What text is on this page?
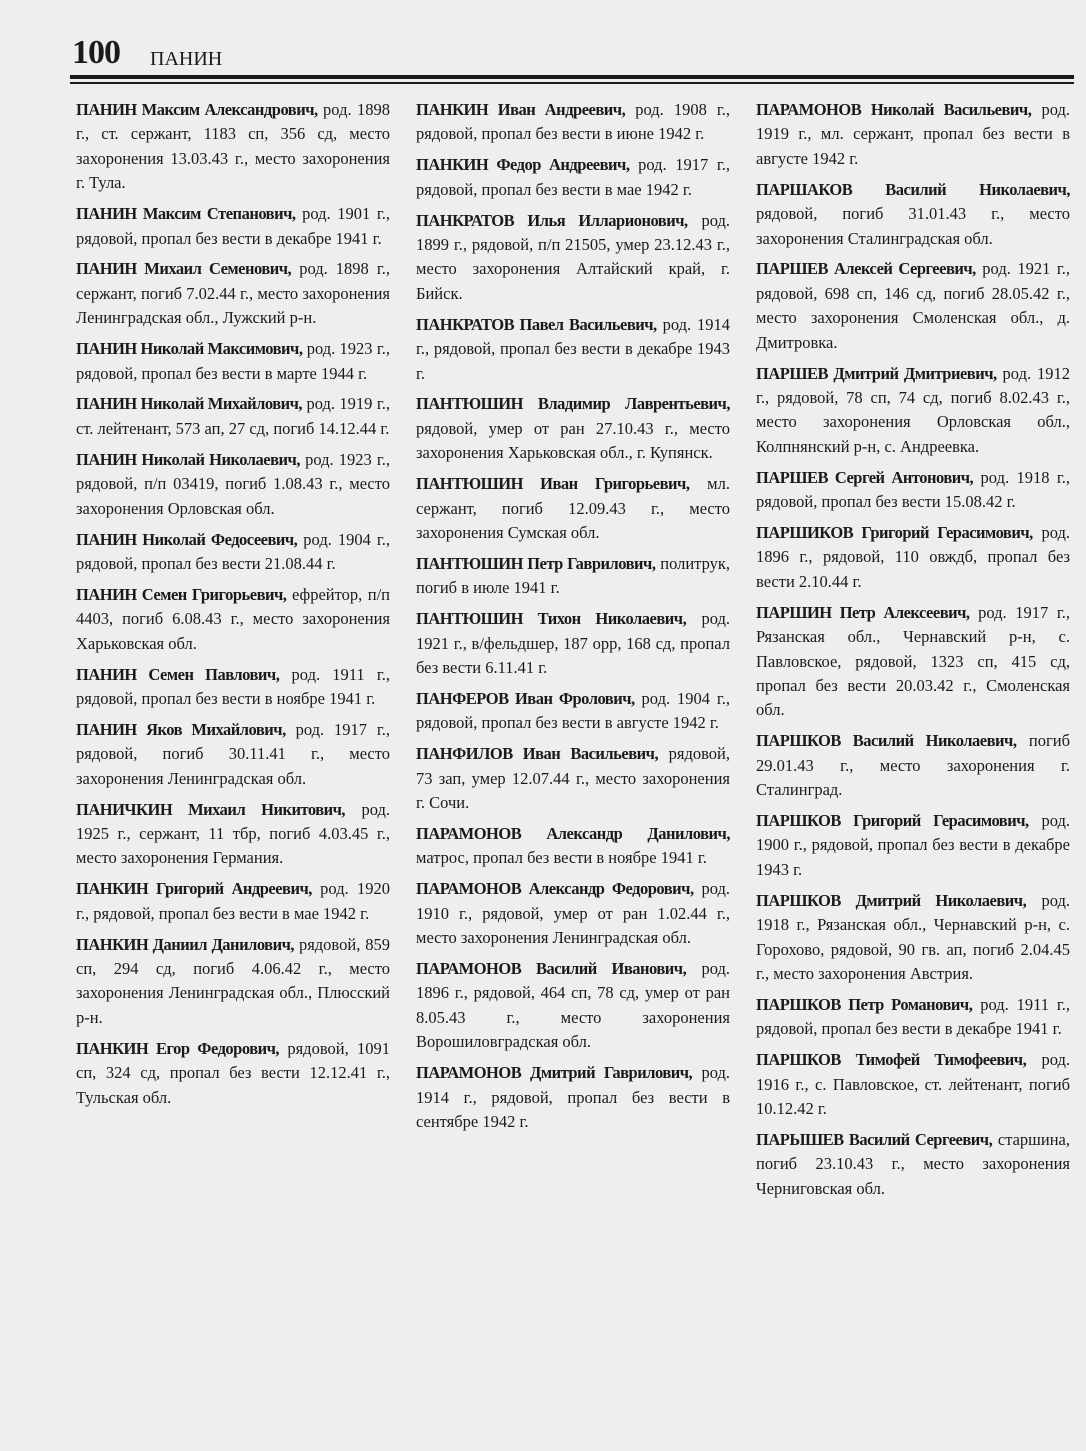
100 ПАНИН

ПАНИН Максим Александрович, род. 1898 г., ст. сержант, 1183 сп, 356 сд, место захоронения 13.03.43 г., место захоронения г. Тула.

ПАНИН Максим Степанович, род. 1901 г., рядовой, пропал без вести в декабре 1941 г.

ПАНИН Михаил Семенович, род. 1898 г., сержант, погиб 7.02.44 г., место захоронения Ленинградская обл., Лужский р-н.

ПАНИН Николай Максимович, род. 1923 г., рядовой, пропал без вести в марте 1944 г.

ПАНИН Николай Михайлович, род. 1919 г., ст. лейтенант, 573 ап, 27 сд, погиб 14.12.44 г.

ПАНИН Николай Николаевич, род. 1923 г., рядовой, п/п 03419, погиб 1.08.43 г., место захоронения Орловская обл.

ПАНИН Николай Федосеевич, род. 1904 г., рядовой, пропал без вести 21.08.44 г.

ПАНИН Семен Григорьевич, ефрейтор, п/п 4403, погиб 6.08.43 г., место захоронения Харьковская обл.

ПАНИН Семен Павлович, род. 1911 г., рядовой, пропал без вести в ноябре 1941 г.

ПАНИН Яков Михайлович, род. 1917 г., рядовой, погиб 30.11.41 г., место захоронения Ленинградская обл.

ПАНИЧКИН Михаил Никитович, род. 1925 г., сержант, 11 тбр, погиб 4.03.45 г., место захоронения Германия.

ПАНКИН Григорий Андреевич, род. 1920 г., рядовой, пропал без вести в мае 1942 г.

ПАНКИН Даниил Данилович, рядовой, 859 сп, 294 сд, погиб 4.06.42 г., место захоронения Ленинградская обл., Плюсский р-н.

ПАНКИН Егор Федорович, рядовой, 1091 сп, 324 сд, пропал без вести 12.12.41 г., Тульская обл.

ПАНКИН Иван Андреевич, род. 1908 г., рядовой, пропал без вести в июне 1942 г.

ПАНКИН Федор Андреевич, род. 1917 г., рядовой, пропал без вести в мае 1942 г.

ПАНКРАТОВ Илья Илларионович, род. 1899 г., рядовой, п/п 21505, умер 23.12.43 г., место захоронения Алтайский край, г. Бийск.

ПАНКРАТОВ Павел Васильевич, род. 1914 г., рядовой, пропал без вести в декабре 1943 г.

ПАНТЮШИН Владимир Лаврентьевич, рядовой, умер от ран 27.10.43 г., место захоронения Харьковская обл., г. Купянск.

ПАНТЮШИН Иван Григорьевич, мл. сержант, погиб 12.09.43 г., место захоронения Сумская обл.

ПАНТЮШИН Петр Гаврилович, политрук, погиб в июле 1941 г.

ПАНТЮШИН Тихон Николаевич, род. 1921 г., в/фельдшер, 187 орр, 168 сд, пропал без вести 6.11.41 г.

ПАНФЕРОВ Иван Фролович, род. 1904 г., рядовой, пропал без вести в августе 1942 г.

ПАНФИЛОВ Иван Васильевич, рядовой, 73 зап, умер 12.07.44 г., место захоронения г. Сочи.

ПАРАМОНОВ Александр Данилович, матрос, пропал без вести в ноябре 1941 г.

ПАРАМОНОВ Александр Федорович, род. 1910 г., рядовой, умер от ран 1.02.44 г., место захоронения Ленинградская обл.

ПАРАМОНОВ Василий Иванович, род. 1896 г., рядовой, 464 сп, 78 сд, умер от ран 8.05.43 г., место захоронения Ворошиловградская обл.

ПАРАМОНОВ Дмитрий Гаврилович, род. 1914 г., рядовой, пропал без вести в сентябре 1942 г.

ПАРАМОНОВ Николай Васильевич, род. 1919 г., мл. сержант, пропал без вести в августе 1942 г.

ПАРШАКОВ Василий Николаевич, рядовой, погиб 31.01.43 г., место захоронения Сталинградская обл.

ПАРШЕВ Алексей Сергеевич, род. 1921 г., рядовой, 698 сп, 146 сд, погиб 28.05.42 г., место захоронения Смоленская обл., д. Дмитровка.

ПАРШЕВ Дмитрий Дмитриевич, род. 1912 г., рядовой, 78 сп, 74 сд, погиб 8.02.43 г., место захоронения Орловская обл., Колпнянский р-н, с. Андреевка.

ПАРШЕВ Сергей Антонович, род. 1918 г., рядовой, пропал без вести 15.08.42 г.

ПАРШИКОВ Григорий Герасимович, род. 1896 г., рядовой, 110 овждб, пропал без вести 2.10.44 г.

ПАРШИН Петр Алексеевич, род. 1917 г., Рязанская обл., Чернавский р-н, с. Павловское, рядовой, 1323 сп, 415 сд, пропал без вести 20.03.42 г., Смоленская обл.

ПАРШКОВ Василий Николаевич, погиб 29.01.43 г., место захоронения г. Сталинград.

ПАРШКОВ Григорий Герасимович, род. 1900 г., рядовой, пропал без вести в декабре 1943 г.

ПАРШКОВ Дмитрий Николаевич, род. 1918 г., Рязанская обл., Чернавский р-н, с. Горохово, рядовой, 90 гв. ап, погиб 2.04.45 г., место захоронения Австрия.

ПАРШКОВ Петр Романович, род. 1911 г., рядовой, пропал без вести в декабре 1941 г.

ПАРШКОВ Тимофей Тимофеевич, род. 1916 г., с. Павловское, ст. лейтенант, погиб 10.12.42 г.

ПАРЫШЕВ Василий Сергеевич, старшина, погиб 23.10.43 г., место захоронения Черниговская обл.
